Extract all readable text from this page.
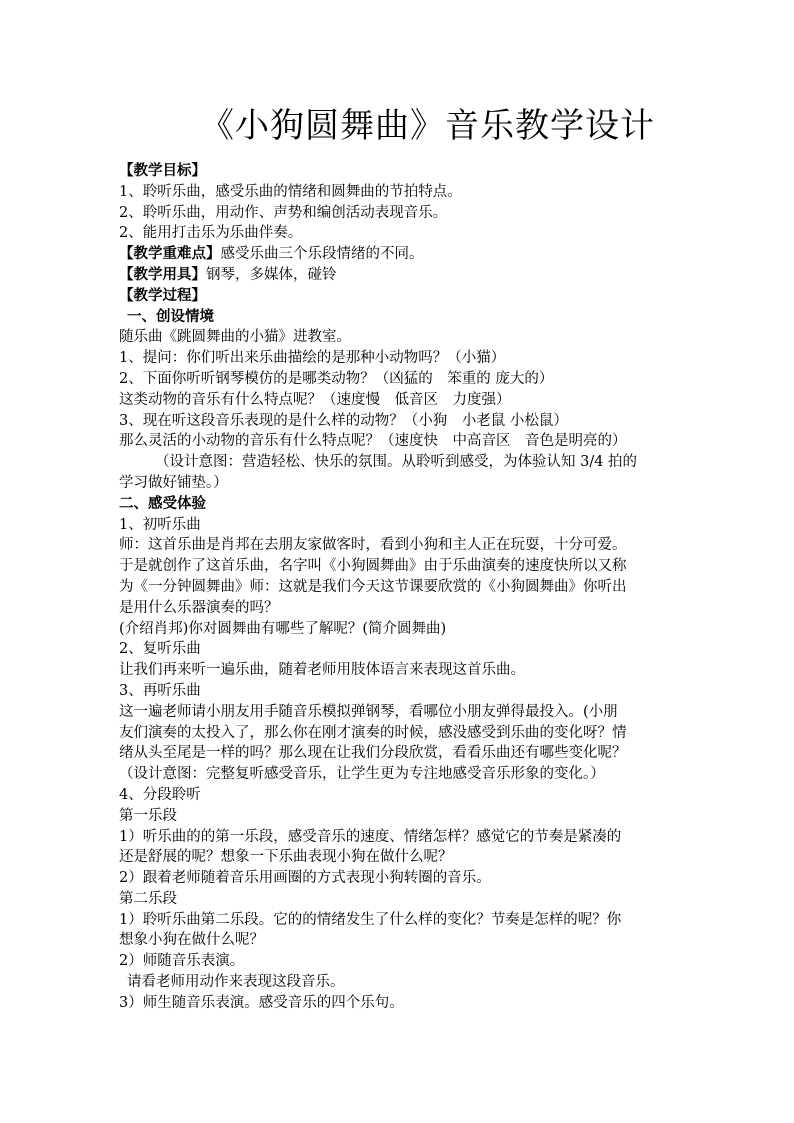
《小狗圆舞曲》音乐教学设计
【教学目标】
1、聆听乐曲，感受乐曲的情绪和圆舞曲的节拍特点。
2、聆听乐曲，用动作、声势和编创活动表现音乐。
2、能用打击乐为乐曲伴奏。
【教学重难点】感受乐曲三个乐段情绪的不同。
【教学用具】钢琴，多媒体，碰铃
【教学过程】
一、创设情境
随乐曲《跳圆舞曲的小猫》进教室。
1、提问：你们听出来乐曲描绘的是那种小动物吗？（小猫）
2、下面你听听钢琴模仿的是哪类动物？（凶猛的　笨重的 庞大的）
这类动物的音乐有什么特点呢？（速度慢　低音区　力度强）
3、现在听这段音乐表现的是什么样的动物？（小狗　小老鼠 小松鼠）
那么灵活的小动物的音乐有什么特点呢？（速度快　中高音区　音色是明亮的）
（设计意图：营造轻松、快乐的氛围。从聆听到感受，为体验认知 3/4 拍的
学习做好铺垫。）
二、感受体验
1、初听乐曲
师：这首乐曲是肖邦在去朋友家做客时，看到小狗和主人正在玩耍，十分可爱。
于是就创作了这首乐曲，名字叫《小狗圆舞曲》由于乐曲演奏的速度快所以又称
为《一分钟圆舞曲》师：这就是我们今天这节课要欣赏的《小狗圆舞曲》你听出
是用什么乐器演奏的吗？
(介绍肖邦)你对圆舞曲有哪些了解呢？(简介圆舞曲)
2、复听乐曲
让我们再来听一遍乐曲，随着老师用肢体语言来表现这首乐曲。
3、再听乐曲
这一遍老师请小朋友用手随音乐模拟弹钢琴，看哪位小朋友弹得最投入。(小朋
友们演奏的太投入了，那么你在刚才演奏的时候，感没感受到乐曲的变化呀？情
绪从头至尾是一样的吗？那么现在让我们分段欣赏，看看乐曲还有哪些变化呢？
（设计意图：完整复听感受音乐，让学生更为专注地感受音乐形象的变化。）
4、分段聆听
第一乐段
1）听乐曲的的第一乐段，感受音乐的速度、情绪怎样？感觉它的节奏是紧凑的
还是舒展的呢？想象一下乐曲表现小狗在做什么呢？
2）跟着老师随着音乐用画圈的方式表现小狗转圈的音乐。
第二乐段
1）聆听乐曲第二乐段。它的的情绪发生了什么样的变化？节奏是怎样的呢？你
想象小狗在做什么呢？
2）师随音乐表演。
请看老师用动作来表现这段音乐。
3）师生随音乐表演。感受音乐的四个乐句。
